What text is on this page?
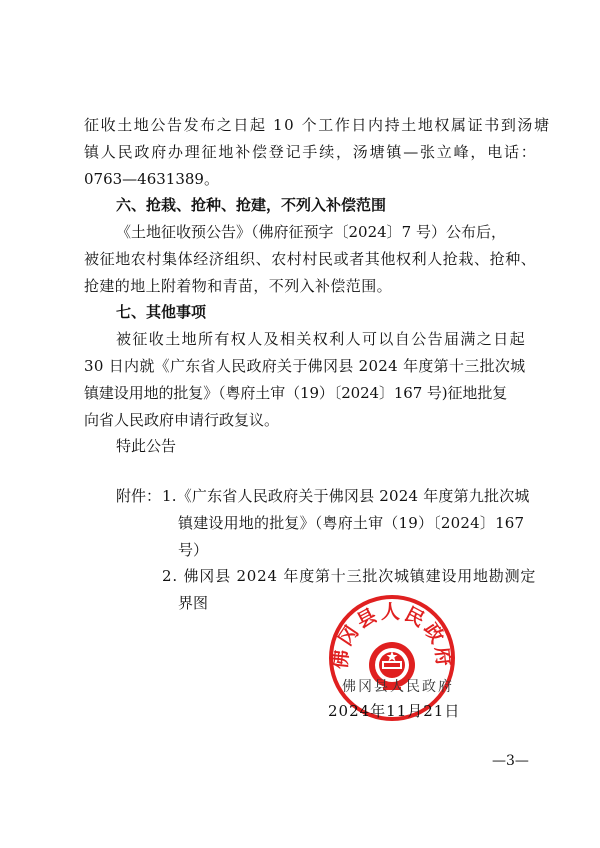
征收土地公告发布之日起 10 个工作日内持土地权属证书到汤塘
镇人民政府办理征地补偿登记手续，汤塘镇—张立峰，电话：
0763—4631389。
六、抢栽、抢种、抢建，不列入补偿范围
《土地征收预公告》（佛府征预字〔2024〕7 号）公布后，
被征地农村集体经济组织、农村村民或者其他权利人抢栽、抢种、
抢建的地上附着物和青苗，不列入补偿范围。
七、其他事项
被征收土地所有权人及相关权利人可以自公告届满之日起
30 日内就《广东省人民政府关于佛冈县 2024 年度第十三批次城
镇建设用地的批复》（粤府土审（19）〔2024〕167 号)征地批复
向省人民政府申请行政复议。
特此公告
附件： 1.《广东省人民政府关于佛冈县 2024 年度第九批次城
镇建设用地的批复》（粤府土审（19）〔2024〕167
号）
2. 佛冈县 2024 年度第十三批次城镇建设用地勘测定
界图
佛冈县人民政府
佛冈县人民政府
2024年11月21日
—3—
